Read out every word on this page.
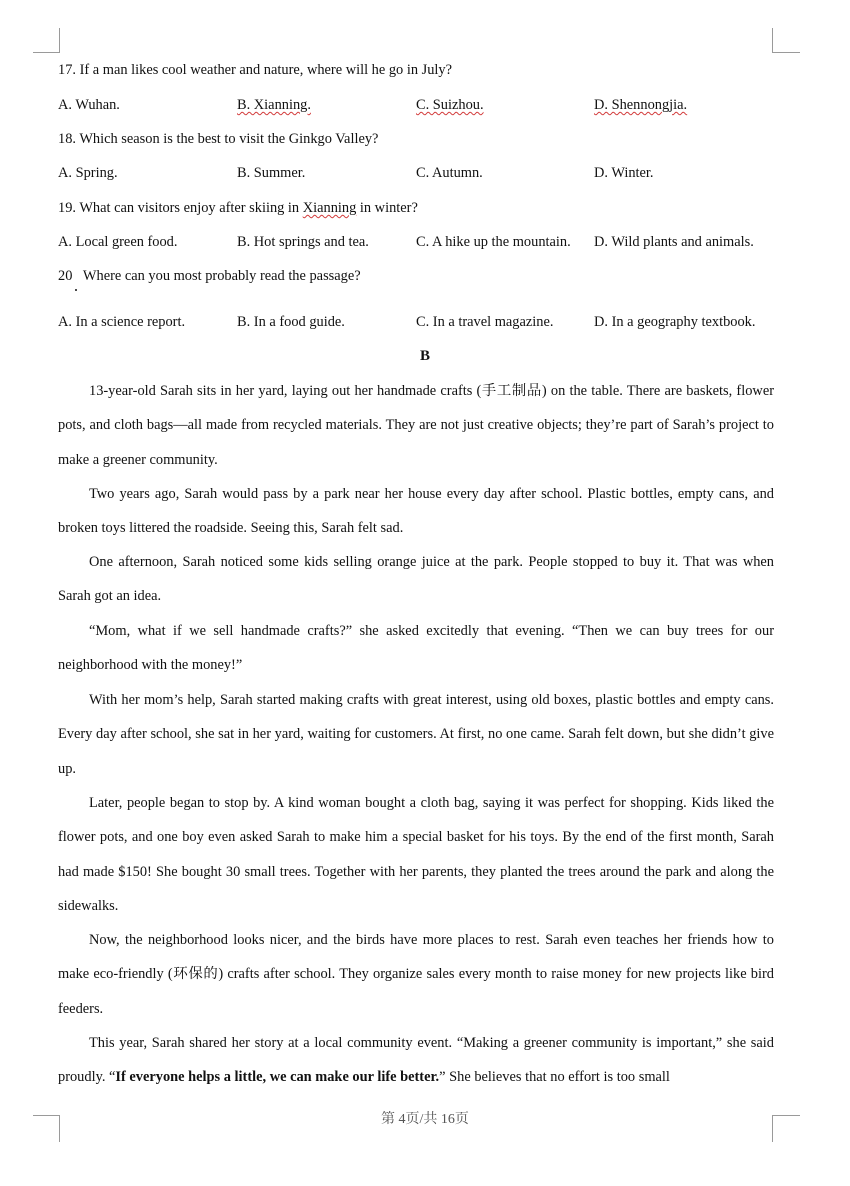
17. If a man likes cool weather and nature, where will he go in July?
A. Wuhan.	B. Xianning.	C. Suizhou.	D. Shennongjia.
18. Which season is the best to visit the Ginkgo Valley?
A. Spring.	B. Summer.	C. Autumn.	D. Winter.
19. What can visitors enjoy after skiing in Xianning in winter?
A. Local green food.	B. Hot springs and tea.	C. A hike up the mountain. D. Wild plants and animals.
20   Where can you most probably read the passage?
A. In a science report.	B. In a food guide.	C. In a travel magazine.	D. In a geography textbook.
B

13-year-old Sarah sits in her yard, laying out her handmade crafts (手工制品) on the table. There are baskets, flower pots, and cloth bags—all made from recycled materials. They are not just creative objects; they’re part of Sarah’s project to make a greener community.

Two years ago, Sarah would pass by a park near her house every day after school. Plastic bottles, empty cans, and broken toys littered the roadside. Seeing this, Sarah felt sad.

One afternoon, Sarah noticed some kids selling orange juice at the park. People stopped to buy it. That was when Sarah got an idea.

“Mom, what if we sell handmade crafts?” she asked excitedly that evening. “Then we can buy trees for our neighborhood with the money!”

With her mom’s help, Sarah started making crafts with great interest, using old boxes, plastic bottles and empty cans. Every day after school, she sat in her yard, waiting for customers. At first, no one came. Sarah felt down, but she didn’t give up.

Later, people began to stop by. A kind woman bought a cloth bag, saying it was perfect for shopping. Kids liked the flower pots, and one boy even asked Sarah to make him a special basket for his toys. By the end of the first month, Sarah had made $150! She bought 30 small trees. Together with her parents, they planted the trees around the park and along the sidewalks.

Now, the neighborhood looks nicer, and the birds have more places to rest. Sarah even teaches her friends how to make eco-friendly (环保的) crafts after school. They organize sales every month to raise money for new projects like bird feeders.

This year, Sarah shared her story at a local community event. “Making a greener community is important,” she said proudly. “If everyone helps a little, we can make our life better.” She believes that no effort is too small

第 4页/共 16页
